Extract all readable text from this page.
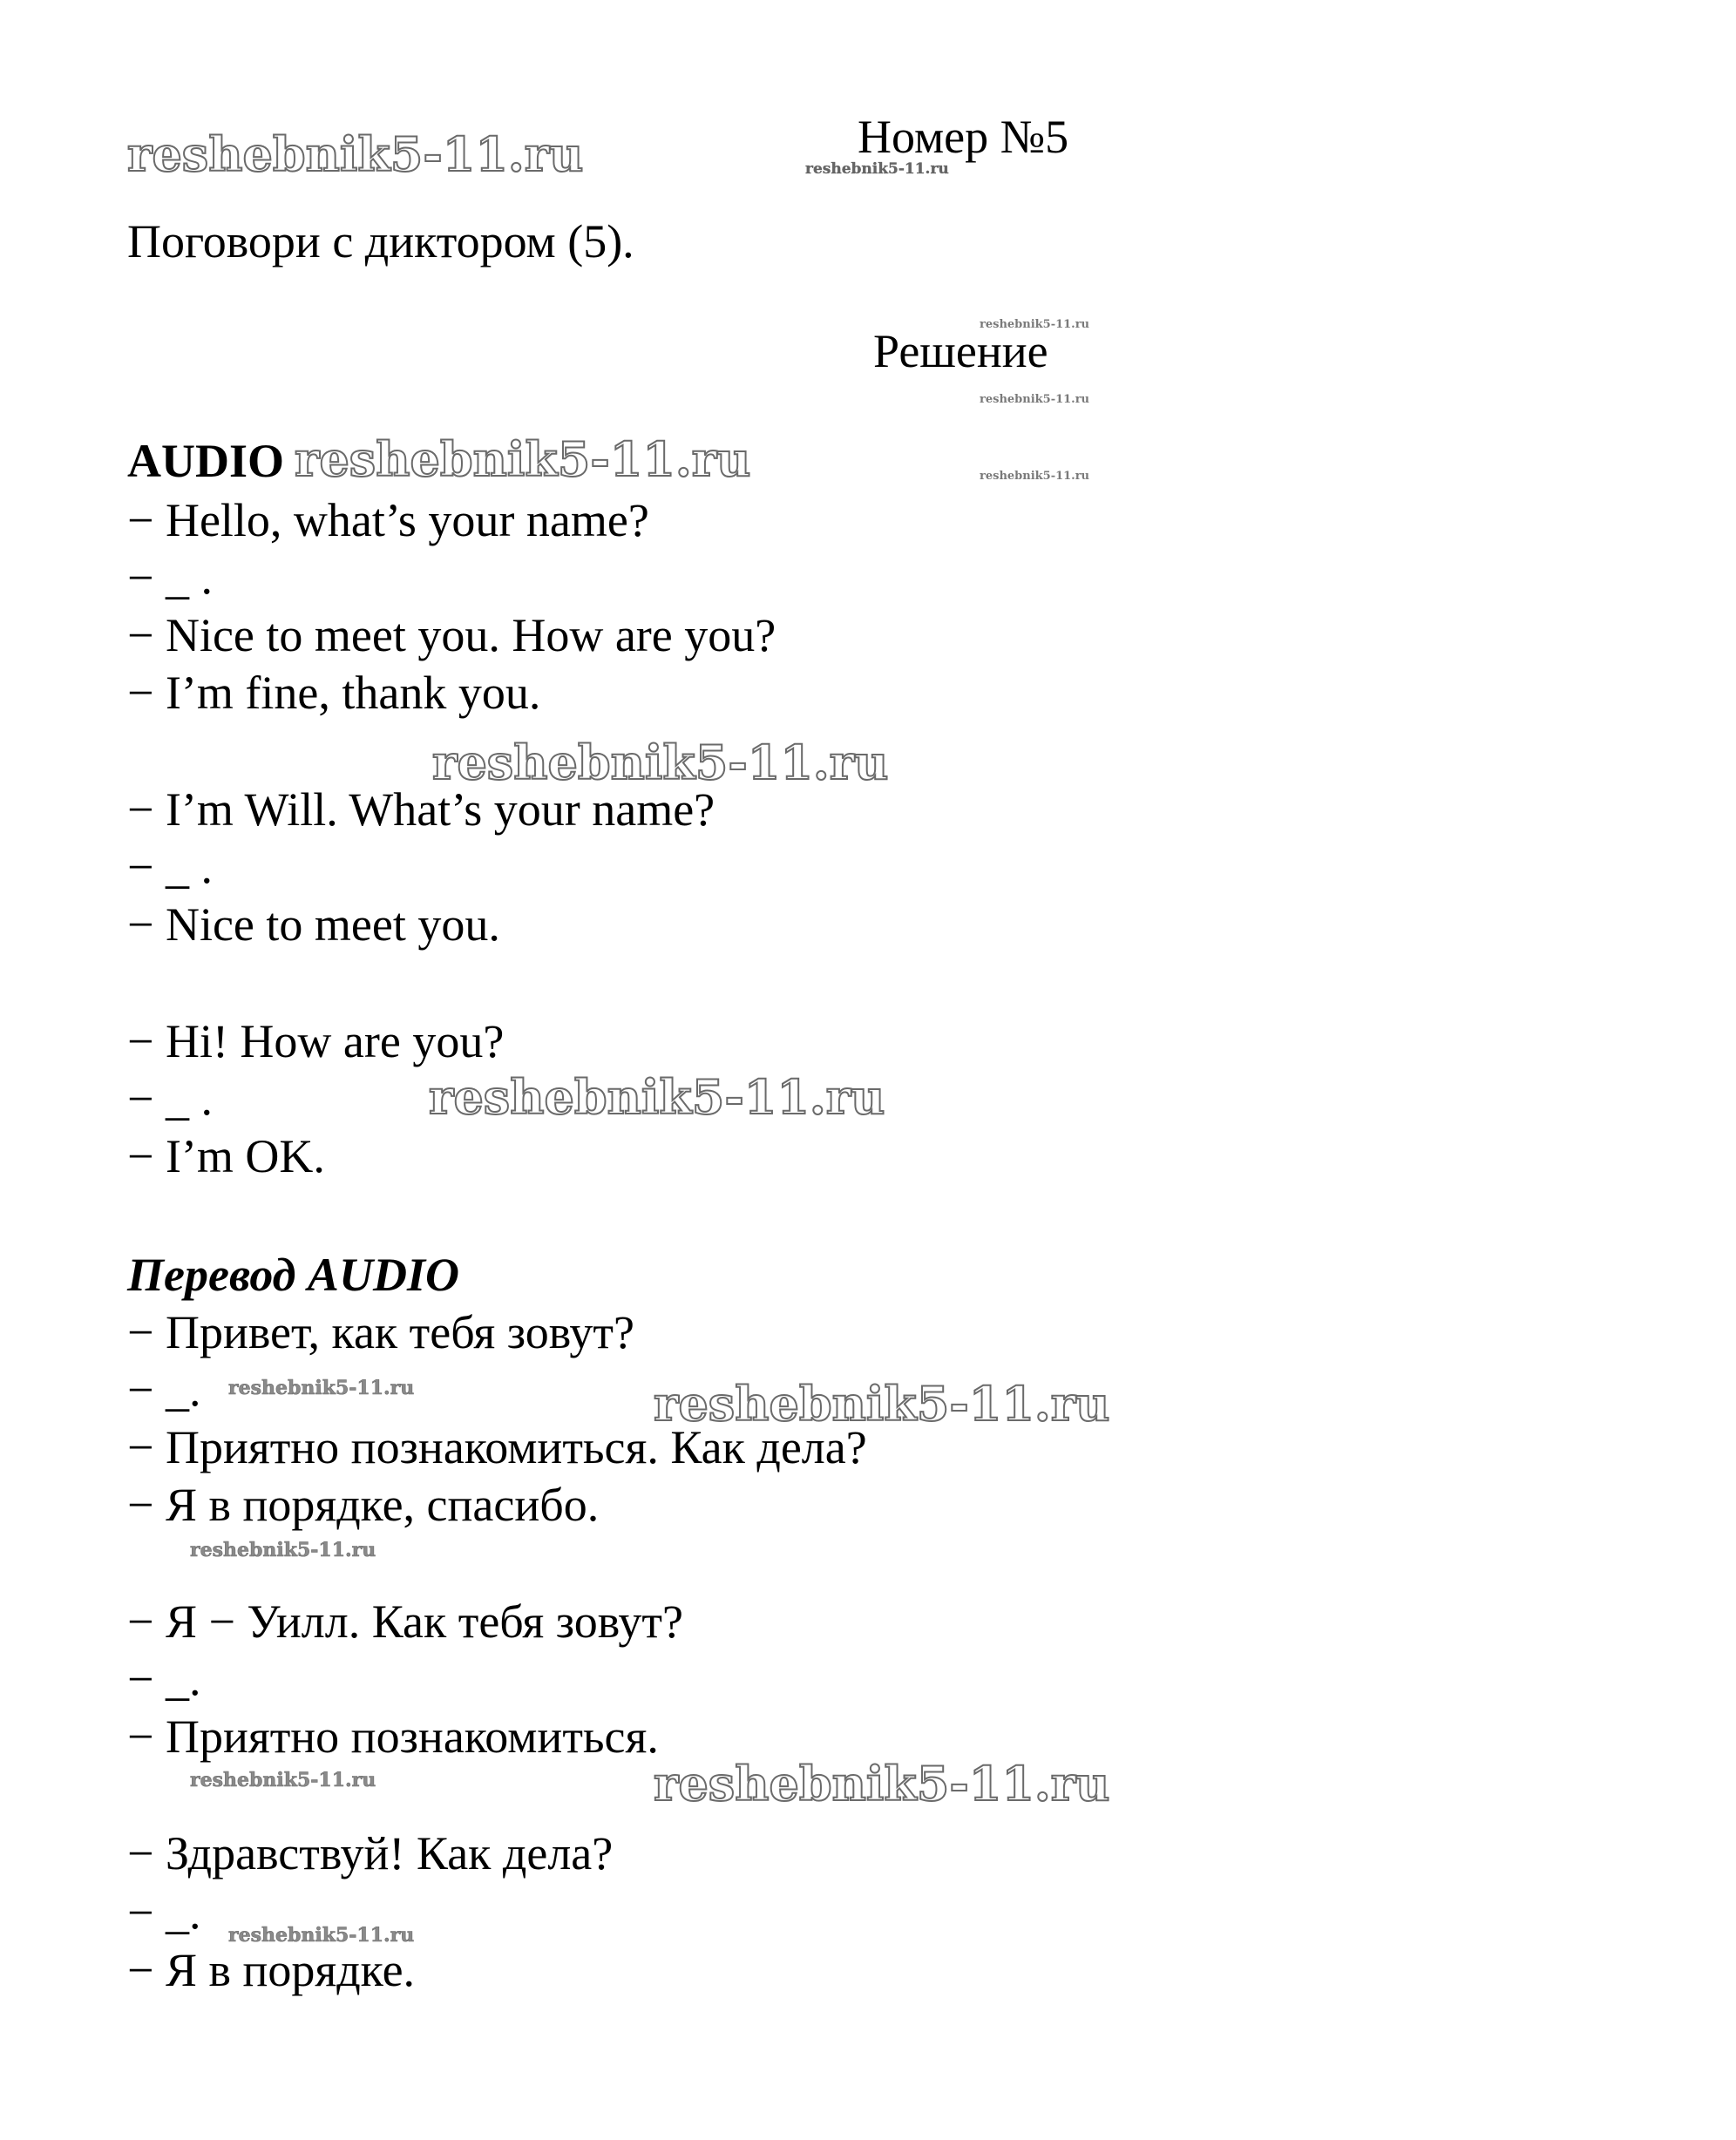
reshebnik5-11.ru	Номер №5
reshebnik5-11.ru
Поговори с диктором (5).
reshebnik5-11.ru
Решение
reshebnik5-11.ru
AUDIO reshebnik5-11.ru	reshebnik5-11.ru
− Hello, what’s your name?
− _ .
− Nice to meet you. How are you?
− I’m fine, thank you.
reshebnik5-11.ru
− I’m Will. What’s your name?
− _ .
− Nice to meet you.
− Hi! How are you?
− _ .	reshebnik5-11.ru
− I’m OK.
Перевод AUDIO
− Привет, как тебя зовут?
− _. reshebnik5-11.ru	reshebnik5-11.ru
− Приятно познакомиться. Как дела?
− Я в порядке, спасибо.
reshebnik5-11.ru
− Я − Уилл. Как тебя зовут?
− _.
− Приятно познакомиться.
reshebnik5-11.ru	reshebnik5-11.ru
− Здравствуй! Как дела?
− _. reshebnik5-11.ru
− Я в порядке.
